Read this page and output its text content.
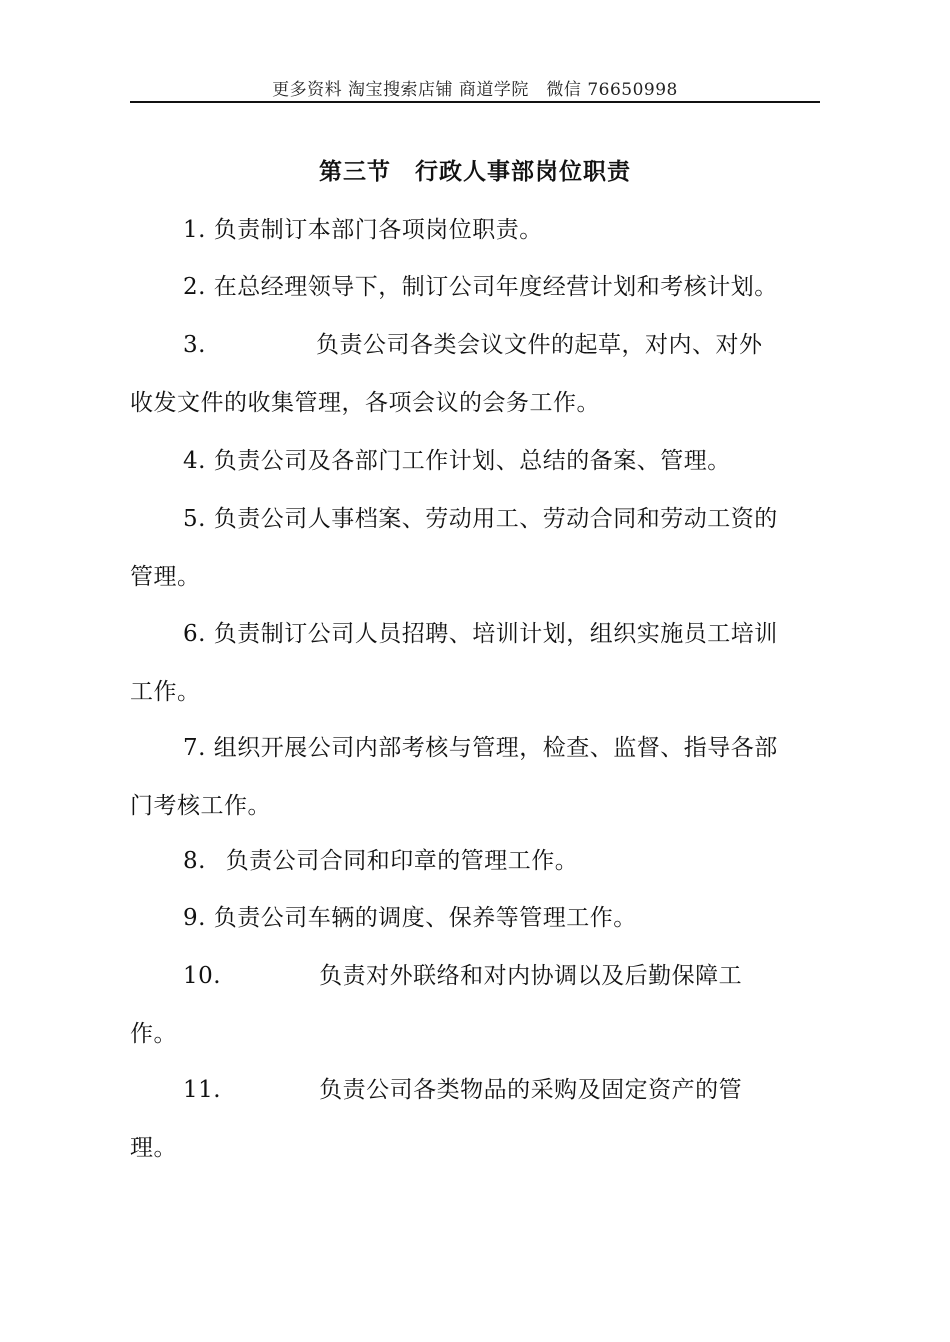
更多资料 淘宝搜索店铺 商道学院　微信 76650998
第三节　行政人事部岗位职责
1. 负责制订本部门各项岗位职责。
2. 在总经理领导下，制订公司年度经营计划和考核计划。
3.	负责公司各类会议文件的起草，对内、对外
收发文件的收集管理，各项会议的会务工作。
4. 负责公司及各部门工作计划、总结的备案、管理。
5. 负责公司人事档案、劳动用工、劳动合同和劳动工资的
管理。
6. 负责制订公司人员招聘、培训计划，组织实施员工培训
工作。
7. 组织开展公司内部考核与管理，检查、监督、指导各部
门考核工作。
8. 负责公司合同和印章的管理工作。
9. 负责公司车辆的调度、保养等管理工作。
10.	负责对外联络和对内协调以及后勤保障工
作。
11.	负责公司各类物品的采购及固定资产的管
理。
